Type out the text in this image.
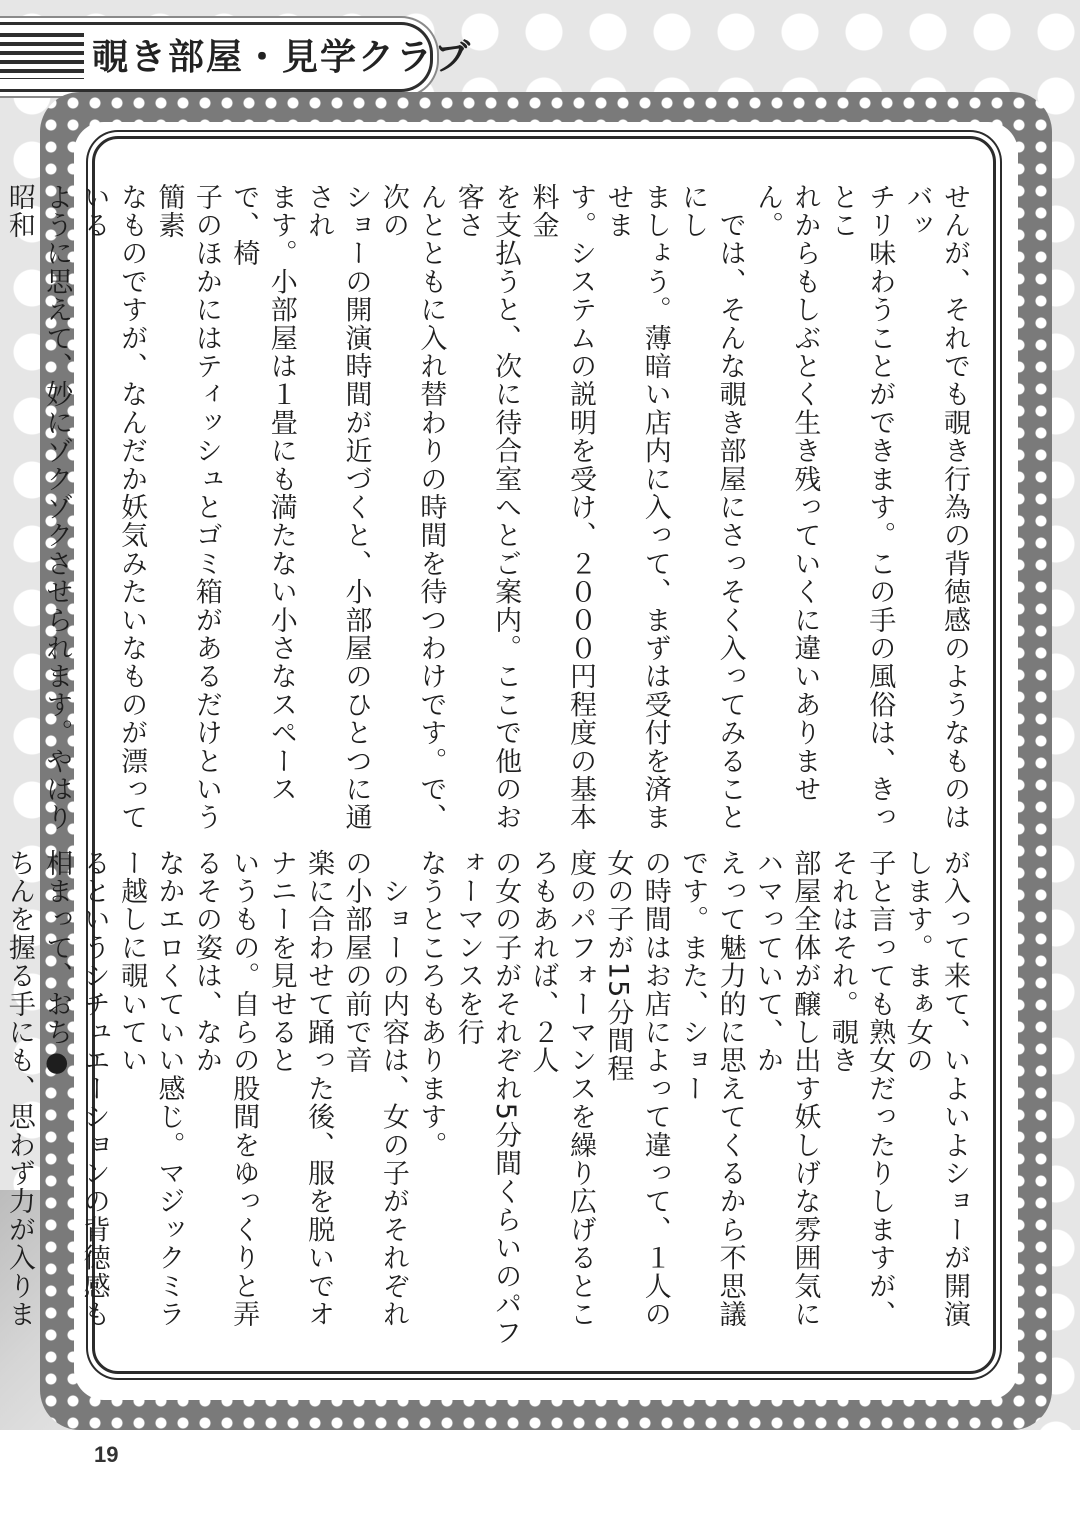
覗き部屋・見学クラブ
せんが、それでも覗き行為の背徳感のようなものはバッ
チリ味わうことができます。この手の風俗は、きっとこ
れからもしぶとく生き残っていくに違いありません。
　では、そんな覗き部屋にさっそく入ってみることにし
ましょう。薄暗い店内に入って、まずは受付を済ませま
す。システムの説明を受け、２０００円程度の基本料金
を支払うと、次に待合室へとご案内。ここで他のお客さ
んとともに入れ替わりの時間を待つわけです。で、次の
ショーの開演時間が近づくと、小部屋のひとつに通され
ます。小部屋は１畳にも満たない小さなスペースで、椅
子のほかにはティッシュとゴミ箱があるだけという簡素
なものですが、なんだか妖気みたいなものが漂っている
ように思えて、妙にゾクゾクさせられます。やはり昭和

が入って来て、いよいよショーが開演します。まぁ女の
子と言っても熟女だったりしますが、それはそれ。覗き
部屋全体が醸し出す妖しげな雰囲気にハマっていて、か
えって魅力的に思えてくるから不思議です。また、ショー
の時間はお店によって違って、１人の女の子が15分間程
度のパフォーマンスを繰り広げるところもあれば、２人
の女の子がそれぞれ5分間くらいのパフォーマンスを行
なうところもあります。
　ショーの内容は、女の子がそれぞれの小部屋の前で音
楽に合わせて踊った後、服を脱いでオナニーを見せると
いうもの。自らの股間をゆっくりと弄るその姿は、なか
なかエロくていい感じ。マジックミラー越しに覗いてい
るというシチュエーションの背徳感も相まって、おち●
ちんを握る手にも、思わず力が入りま

19
